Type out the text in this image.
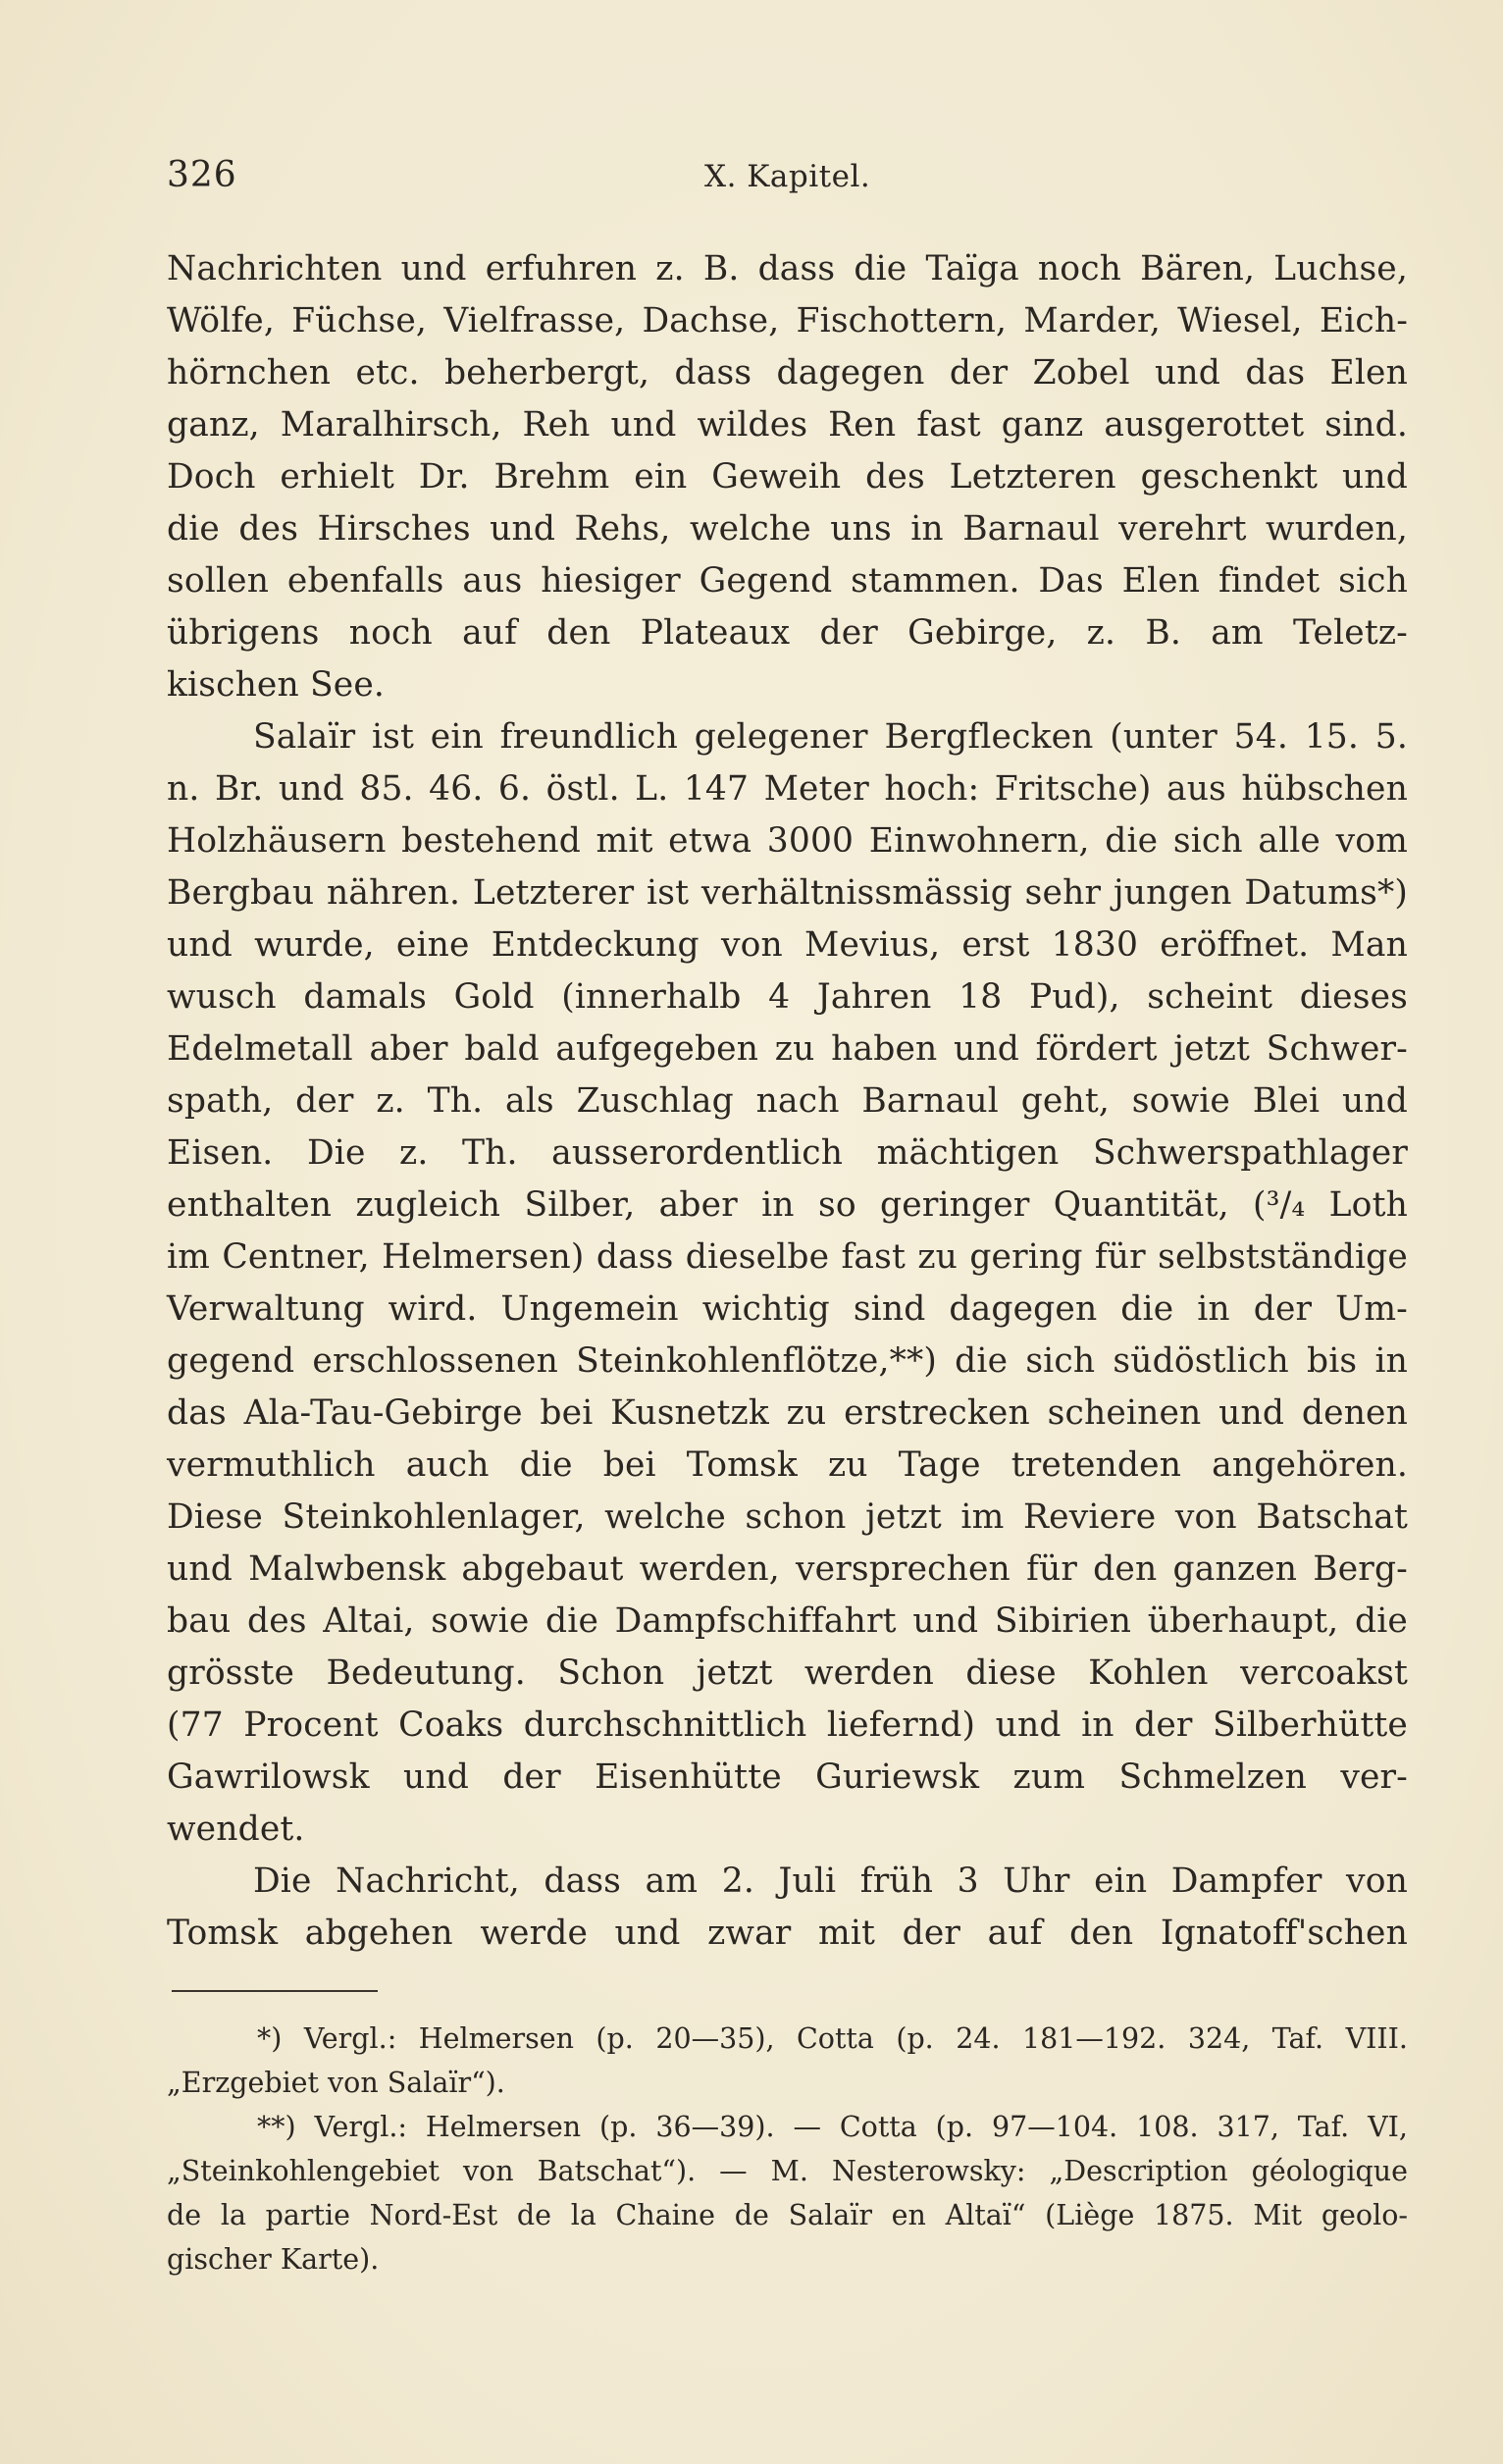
326	X. Kapitel.
Nachrichten und erfuhren z. B. dass die Taïga noch Bären, Luchse,
Wölfe, Füchse, Vielfrasse, Dachse, Fischottern, Marder, Wiesel, Eich-
hörnchen etc. beherbergt, dass dagegen der Zobel und das Elen
ganz, Maralhirsch, Reh und wildes Ren fast ganz ausgerottet sind.
Doch erhielt Dr. Brehm ein Geweih des Letzteren geschenkt und
die des Hirsches und Rehs, welche uns in Barnaul verehrt wurden,
sollen ebenfalls aus hiesiger Gegend stammen. Das Elen findet sich
übrigens noch auf den Plateaux der Gebirge, z. B. am Teletz-
kischen See.
Salaïr ist ein freundlich gelegener Bergflecken (unter 54. 15. 5.
n. Br. und 85. 46. 6. östl. L. 147 Meter hoch: Fritsche) aus hübschen
Holzhäusern bestehend mit etwa 3000 Einwohnern, die sich alle vom
Bergbau nähren. Letzterer ist verhältnissmässig sehr jungen Datums*)
und wurde, eine Entdeckung von Mevius, erst 1830 eröffnet. Man
wusch damals Gold (innerhalb 4 Jahren 18 Pud), scheint dieses
Edelmetall aber bald aufgegeben zu haben und fördert jetzt Schwer-
spath, der z. Th. als Zuschlag nach Barnaul geht, sowie Blei und
Eisen. Die z. Th. ausserordentlich mächtigen Schwerspathlager
enthalten zugleich Silber, aber in so geringer Quantität, (³/₄ Loth
im Centner, Helmersen) dass dieselbe fast zu gering für selbstständige
Verwaltung wird. Ungemein wichtig sind dagegen die in der Um-
gegend erschlossenen Steinkohlenflötze,**) die sich südöstlich bis in
das Ala-Tau-Gebirge bei Kusnetzk zu erstrecken scheinen und denen
vermuthlich auch die bei Tomsk zu Tage tretenden angehören.
Diese Steinkohlenlager, welche schon jetzt im Reviere von Batschat
und Malwbensk abgebaut werden, versprechen für den ganzen Berg-
bau des Altai, sowie die Dampfschiffahrt und Sibirien überhaupt, die
grösste Bedeutung. Schon jetzt werden diese Kohlen vercoakst
(77 Procent Coaks durchschnittlich liefernd) und in der Silberhütte
Gawrilowsk und der Eisenhütte Guriewsk zum Schmelzen ver-
wendet.
Die Nachricht, dass am 2. Juli früh 3 Uhr ein Dampfer von
Tomsk abgehen werde und zwar mit der auf den Ignatoff'schen
*) Vergl.: Helmersen (p. 20—35), Cotta (p. 24. 181—192. 324, Taf. VIII.
„Erzgebiet von Salaïr“).
**) Vergl.: Helmersen (p. 36—39). — Cotta (p. 97—104. 108. 317, Taf. VI,
„Steinkohlengebiet von Batschat“). — M. Nesterowsky: „Description géologique
de la partie Nord-Est de la Chaine de Salaïr en Altaï“ (Liège 1875. Mit geolo-
gischer Karte).
